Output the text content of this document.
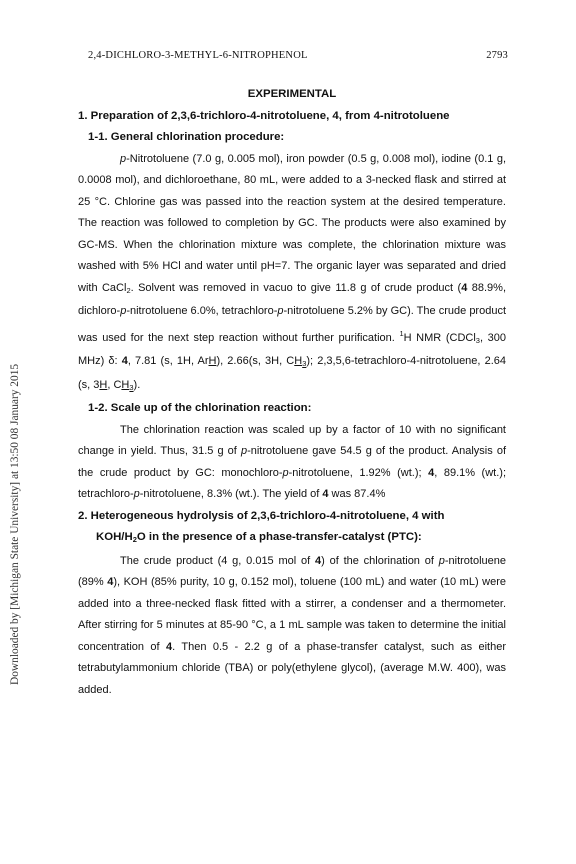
2,4-DICHLORO-3-METHYL-6-NITROPHENOL	2793
Downloaded by [Michigan State University] at 13:50 08 January 2015

EXPERIMENTAL

1. Preparation of 2,3,6-trichloro-4-nitrotoluene, 4, from 4-nitrotoluene

1-1. General chlorination procedure:

p-Nitrotoluene (7.0 g, 0.005 mol), iron powder (0.5 g, 0.008 mol), iodine (0.1 g, 0.0008 mol), and dichloroethane, 80 mL, were added to a 3-necked flask and stirred at 25 °C. Chlorine gas was passed into the reaction system at the desired temperature. The reaction was followed to completion by GC. The products were also examined by GC-MS. When the chlorination mixture was complete, the chlorination mixture was washed with 5% HCl and water until pH=7. The organic layer was separated and dried with CaCl$_2$. Solvent was removed in vacuo to give 11.8 g of crude product (4 88.9%, dichloro-p-nitrotoluene 6.0%, tetrachloro-p-nitrotoluene 5.2% by GC). The crude product was used for the next step reaction without further purification. $^1$H NMR (CDCl$_3$, 300 MHz) δ: 4, 7.81 (s, 1H, ArH), 2.66(s, 3H, $CH_3$); 2,3,5,6-tetrachloro-4-nitrotoluene, 2.64 (s, 3H, $CH_3$).

1-2. Scale up of the chlorination reaction:

The chlorination reaction was scaled up by a factor of 10 with no significant change in yield. Thus, 31.5 g of p-nitrotoluene gave 54.5 g of the product. Analysis of the crude product by GC: monochloro-p-nitrotoluene, 1.92% (wt.); 4, 89.1% (wt.); tetrachloro-p-nitrotoluene, 8.3% (wt.). The yield of 4 was 87.4%

2. Heterogeneous hydrolysis of 2,3,6-trichloro-4-nitrotoluene, 4 with
KOH/$H_2O$ in the presence of a phase-transfer-catalyst (PTC):

The crude product (4 g, 0.015 mol of 4) of the chlorination of p-nitrotoluene (89% 4), KOH (85% purity, 10 g, 0.152 mol), toluene (100 mL) and water (10 mL) were added into a three-necked flask fitted with a stirrer, a condenser and a thermometer. After stirring for 5 minutes at 85-90 °C, a 1 mL sample was taken to determine the initial concentration of 4. Then 0.5 - 2.2 g of a phase-transfer catalyst, such as either tetrabutylammonium chloride (TBA) or poly(ethylene glycol), (average M.W. 400), was added.
